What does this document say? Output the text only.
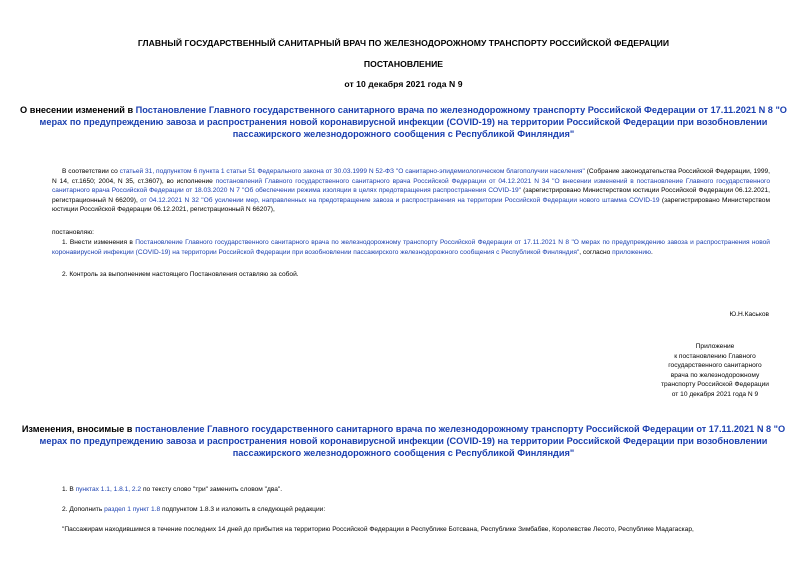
ГЛАВНЫЙ ГОСУДАРСТВЕННЫЙ САНИТАРНЫЙ ВРАЧ ПО ЖЕЛЕЗНОДОРОЖНОМУ ТРАНСПОРТУ РОССИЙСКОЙ ФЕДЕРАЦИИ
ПОСТАНОВЛЕНИЕ
от 10 декабря 2021 года N 9
О внесении изменений в Постановление Главного государственного санитарного врача по железнодорожному транспорту Российской Федерации от 17.11.2021 N 8 "О мерах по предупреждению завоза и распространения новой коронавирусной инфекции (COVID-19) на территории Российской Федерации при возобновлении пассажирского железнодорожного сообщения с Республикой Финляндия"
В соответствии со статьей 31, подпунктом 6 пункта 1 статьи 51 Федерального закона от 30.03.1999 N 52-ФЗ "О санитарно-эпидемиологическом благополучии населения" (Собрание законодательства Российской Федерации, 1999, N 14, ст.1650; 2004, N 35, ст.3607), во исполнение постановлений Главного государственного санитарного врача Российской Федерации от 04.12.2021 N 34 "О внесении изменений в постановление Главного государственного санитарного врача Российской Федерации от 18.03.2020 N 7 "Об обеспечении режима изоляции в целях предотвращения распространения COVID-19" (зарегистрировано Министерством юстиции Российской Федерации 06.12.2021, регистрационный N 66209), от 04.12.2021 N 32 "Об усилении мер, направленных на предотвращение завоза и распространения на территории Российской Федерации нового штамма COVID-19 (зарегистрировано Министерством юстиции Российской Федерации 06.12.2021, регистрационный N 66207),
постановляю:
1. Внести изменения в Постановление Главного государственного санитарного врача по железнодорожному транспорту Российской Федерации от 17.11.2021 N 8 "О мерах по предупреждению завоза и распространения новой коронавирусной инфекции (COVID-19) на территории Российской Федерации при возобновлении пассажирского железнодорожного сообщения с Республикой Финляндия", согласно приложению.
2. Контроль за выполнением настоящего Постановления оставляю за собой.
Ю.Н.Каськов
Приложение
к постановлению Главного
государственного санитарного
врача по железнодорожному
транспорту Российской Федерации
от 10 декабря 2021 года N 9
Изменения, вносимые в постановление Главного государственного санитарного врача по железнодорожному транспорту Российской Федерации от 17.11.2021 N 8 "О мерах по предупреждению завоза и распространения новой коронавирусной инфекции (COVID-19) на территории Российской Федерации при возобновлении пассажирского железнодорожного сообщения с Республикой Финляндия"
1. В пунктах 1.1, 1.8.1, 2.2 по тексту слово "три" заменить словом "два".
2. Дополнить раздел 1 пункт 1.8 подпунктом 1.8.3 и изложить в следующей редакции:
"Пассажирам находившимся в течение последних 14 дней до прибытия на территорию Российской Федерации в Республике Ботсвана, Республике Зимбабве, Королевстве Лесото, Республике Мадагаскар,
